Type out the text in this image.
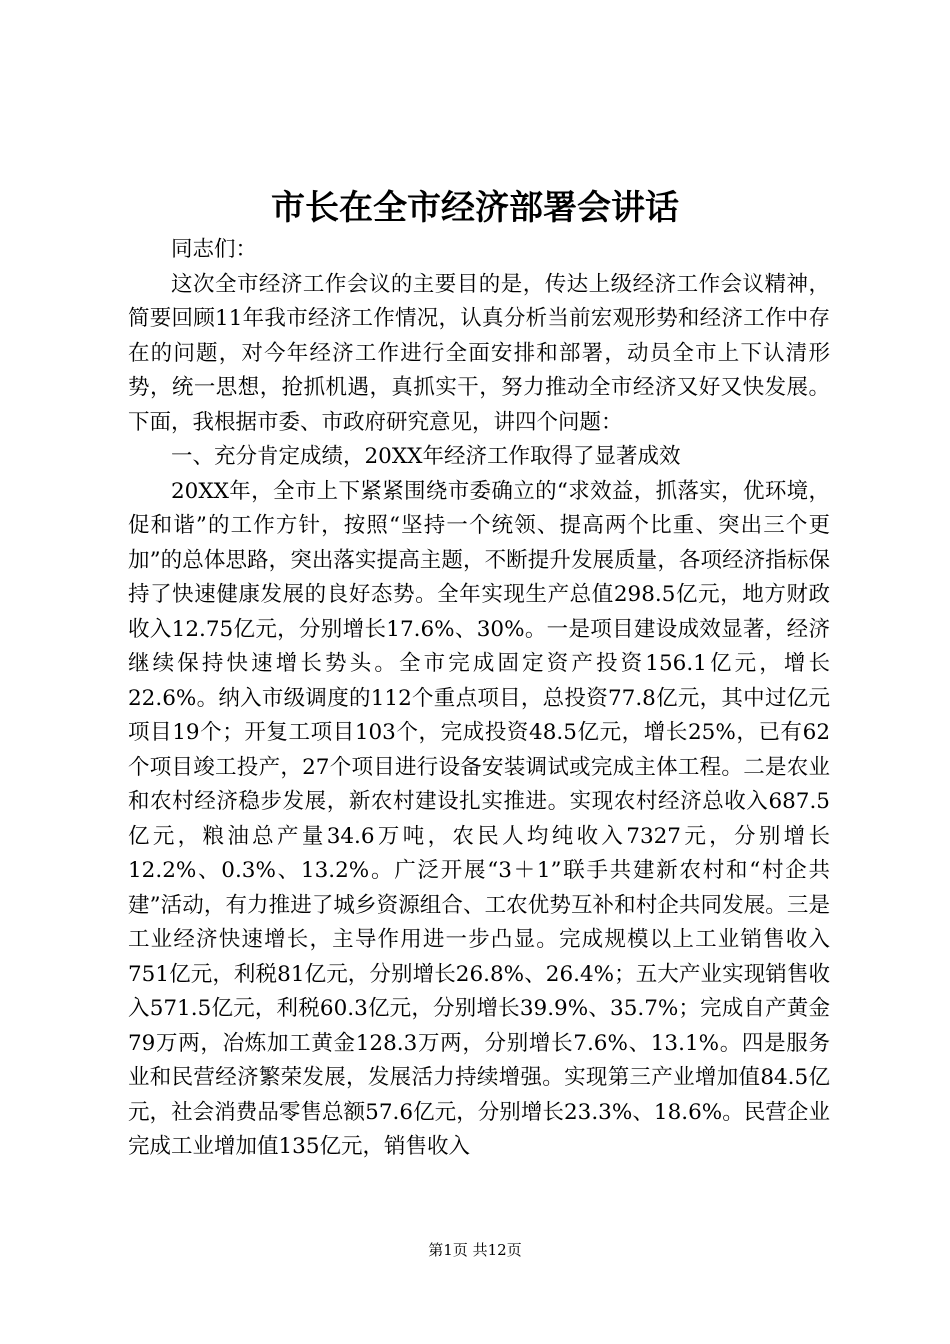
市长在全市经济部署会讲话

同志们：

这次全市经济工作会议的主要目的是，传达上级经济工作会议精神，简要回顾11年我市经济工作情况，认真分析当前宏观形势和经济工作中存在的问题，对今年经济工作进行全面安排和部署，动员全市上下认清形势，统一思想，抢抓机遇，真抓实干，努力推动全市经济又好又快发展。下面，我根据市委、市政府研究意见，讲四个问题：

一、充分肯定成绩，20XX年经济工作取得了显著成效

20XX年，全市上下紧紧围绕市委确立的“求效益，抓落实，优环境，促和谐”的工作方针，按照“坚持一个统领、提高两个比重、突出三个更加”的总体思路，突出落实提高主题，不断提升发展质量，各项经济指标保持了快速健康发展的良好态势。全年实现生产总值298.5亿元，地方财政收入12.75亿元，分别增长17.6%、30%。一是项目建设成效显著，经济继续保持快速增长势头。全市完成固定资产投资156.1亿元，增长22.6%。纳入市级调度的112个重点项目，总投资77.8亿元，其中过亿元项目19个；开复工项目103个，完成投资48.5亿元，增长25%，已有62个项目竣工投产，27个项目进行设备安装调试或完成主体工程。二是农业和农村经济稳步发展，新农村建设扎实推进。实现农村经济总收入687.5亿元，粮油总产量34.6万吨，农民人均纯收入7327元，分别增长12.2%、0.3%、13.2%。广泛开展“3＋1”联手共建新农村和“村企共建”活动，有力推进了城乡资源组合、工农优势互补和村企共同发展。三是工业经济快速增长，主导作用进一步凸显。完成规模以上工业销售收入751亿元，利税81亿元，分别增长26.8%、26.4%；五大产业实现销售收入571.5亿元，利税60.3亿元，分别增长39.9%、35.7%；完成自产黄金79万两，冶炼加工黄金128.3万两，分别增长7.6%、13.1%。四是服务业和民营经济繁荣发展，发展活力持续增强。实现第三产业增加值84.5亿元，社会消费品零售总额57.6亿元，分别增长23.3%、18.6%。民营企业完成工业增加值135亿元，销售收入

第1页 共12页
